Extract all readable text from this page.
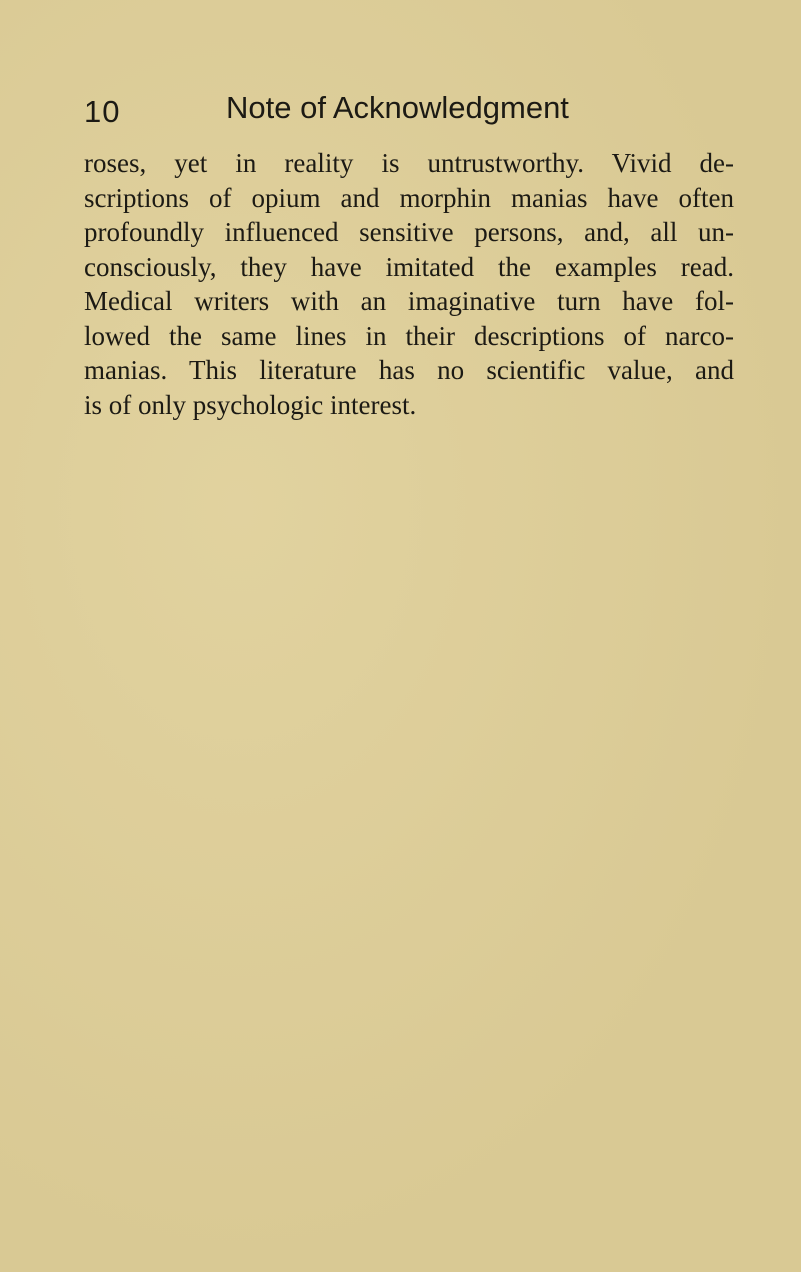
10	Note of Acknowledgment

roses, yet in reality is untrustworthy. Vivid de-
scriptions of opium and morphin manias have often
profoundly influenced sensitive persons, and, all un-
consciously, they have imitated the examples read.
Medical writers with an imaginative turn have fol-
lowed the same lines in their descriptions of narco-
manias. This literature has no scientific value, and
is of only psychologic interest.
